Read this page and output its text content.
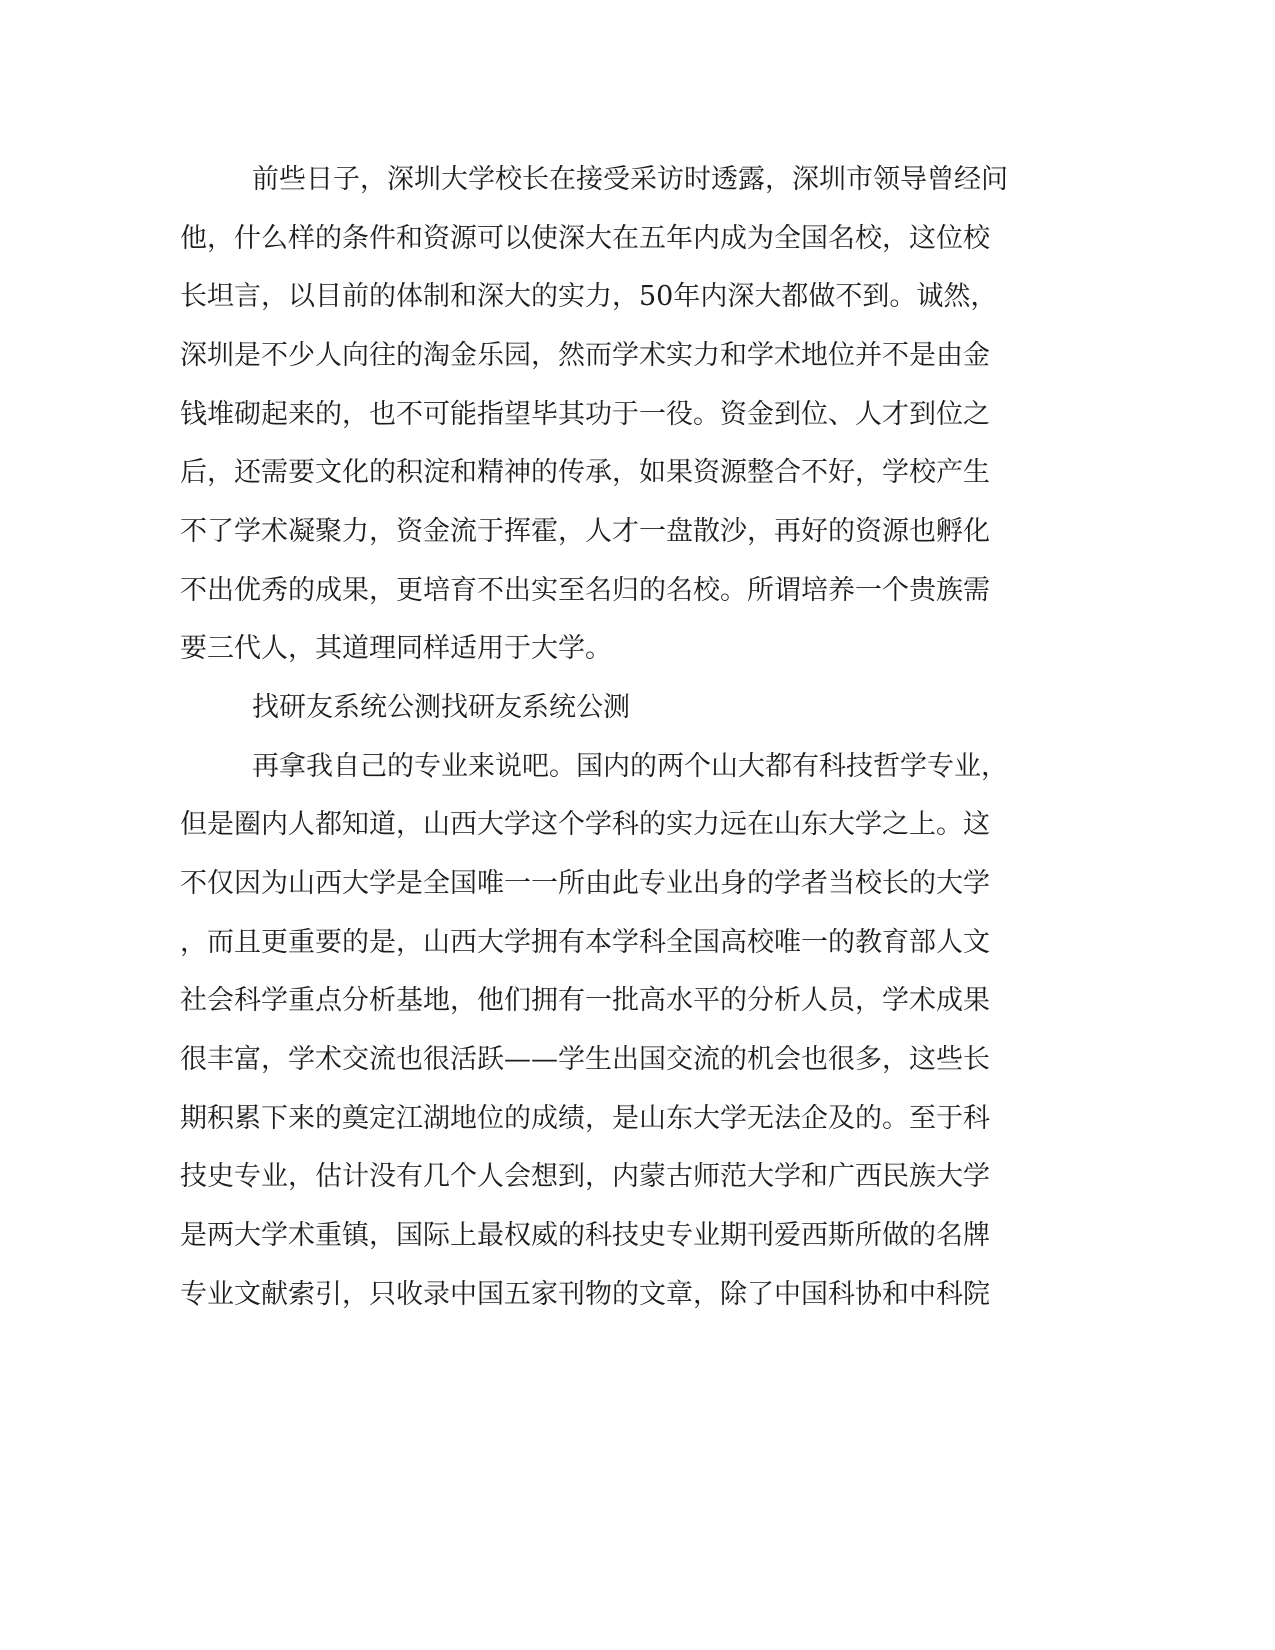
前些日子，深圳大学校长在接受采访时透露，深圳市领导曾经问

他，什么样的条件和资源可以使深大在五年内成为全国名校，这位校

长坦言，以目前的体制和深大的实力，50年内深大都做不到。诚然，

深圳是不少人向往的淘金乐园，然而学术实力和学术地位并不是由金

钱堆砌起来的，也不可能指望毕其功于一役。资金到位、人才到位之

后，还需要文化的积淀和精神的传承，如果资源整合不好，学校产生

不了学术凝聚力，资金流于挥霍，人才一盘散沙，再好的资源也孵化

不出优秀的成果，更培育不出实至名归的名校。所谓培养一个贵族需

要三代人，其道理同样适用于大学。

找研友系统公测找研友系统公测

再拿我自己的专业来说吧。国内的两个山大都有科技哲学专业，

但是圈内人都知道，山西大学这个学科的实力远在山东大学之上。这

不仅因为山西大学是全国唯一一所由此专业出身的学者当校长的大学

，而且更重要的是，山西大学拥有本学科全国高校唯一的教育部人文

社会科学重点分析基地，他们拥有一批高水平的分析人员，学术成果

很丰富，学术交流也很活跃——学生出国交流的机会也很多，这些长

期积累下来的奠定江湖地位的成绩，是山东大学无法企及的。至于科

技史专业，估计没有几个人会想到，内蒙古师范大学和广西民族大学

是两大学术重镇，国际上最权威的科技史专业期刊爱西斯所做的名牌

专业文献索引，只收录中国五家刊物的文章，除了中国科协和中科院
